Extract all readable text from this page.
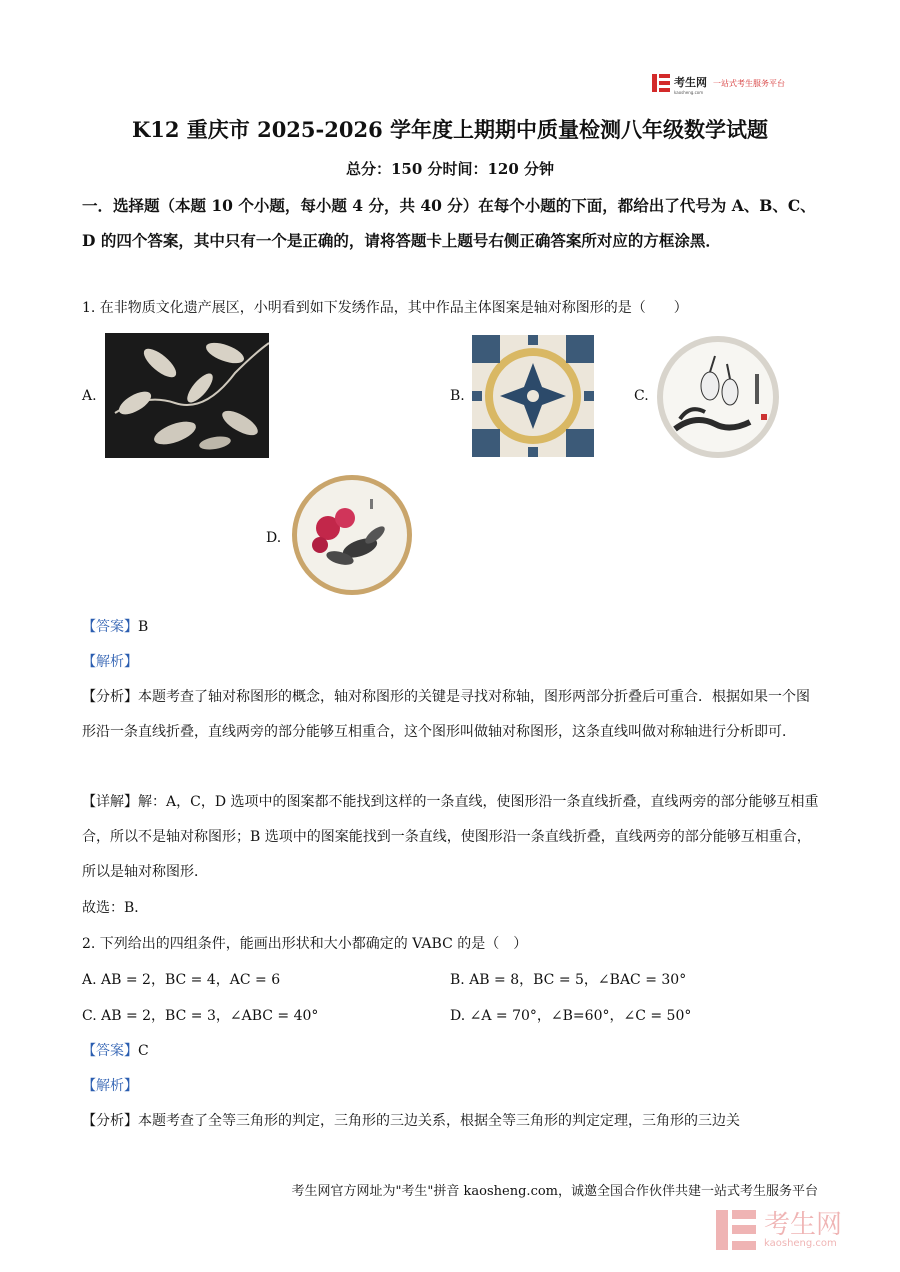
考生网
kaosheng.com
一站式考生服务平台
K12 重庆市 2025-2026 学年度上期期中质量检测八年级数学试题
总分：150 分时间：120 分钟
一．选择题（本题 10 个小题，每小题 4 分，共 40 分）在每个小题的下面，都给出了代号为 A、B、C、D 的四个答案，其中只有一个是正确的，请将答题卡上题号右侧正确答案所对应的方框涂黑．
1. 在非物质文化遗产展区，小明看到如下发绣作品，其中作品主体图案是轴对称图形的是（　　）
A.	B.	C.
D.
【答案】B
【解析】
【分析】本题考查了轴对称图形的概念，轴对称图形的关键是寻找对称轴，图形两部分折叠后可重合．根据如果一个图形沿一条直线折叠，直线两旁的部分能够互相重合，这个图形叫做轴对称图形，这条直线叫做对称轴进行分析即可．
【详解】解：A，C，D 选项中的图案都不能找到这样的一条直线，使图形沿一条直线折叠，直线两旁的部分能够互相重合，所以不是轴对称图形；B 选项中的图案能找到一条直线，使图形沿一条直线折叠，直线两旁的部分能够互相重合，所以是轴对称图形．
故选：B．
2. 下列给出的四组条件，能画出形状和大小都确定的 VABC 的是（　）
A. AB = 2，BC = 4，AC = 6	B. AB = 8，BC = 5，∠BAC = 30°
C. AB = 2，BC = 3，∠ABC = 40°	D. ∠A = 70°，∠B=60°，∠C = 50°
【答案】C
【解析】
【分析】本题考查了全等三角形的判定，三角形的三边关系，根据全等三角形的判定定理，三角形的三边关
考生网官方网址为"考生"拼音 kaosheng.com，诚邀全国合作伙伴共建一站式考生服务平台
考生网
kaosheng.com
